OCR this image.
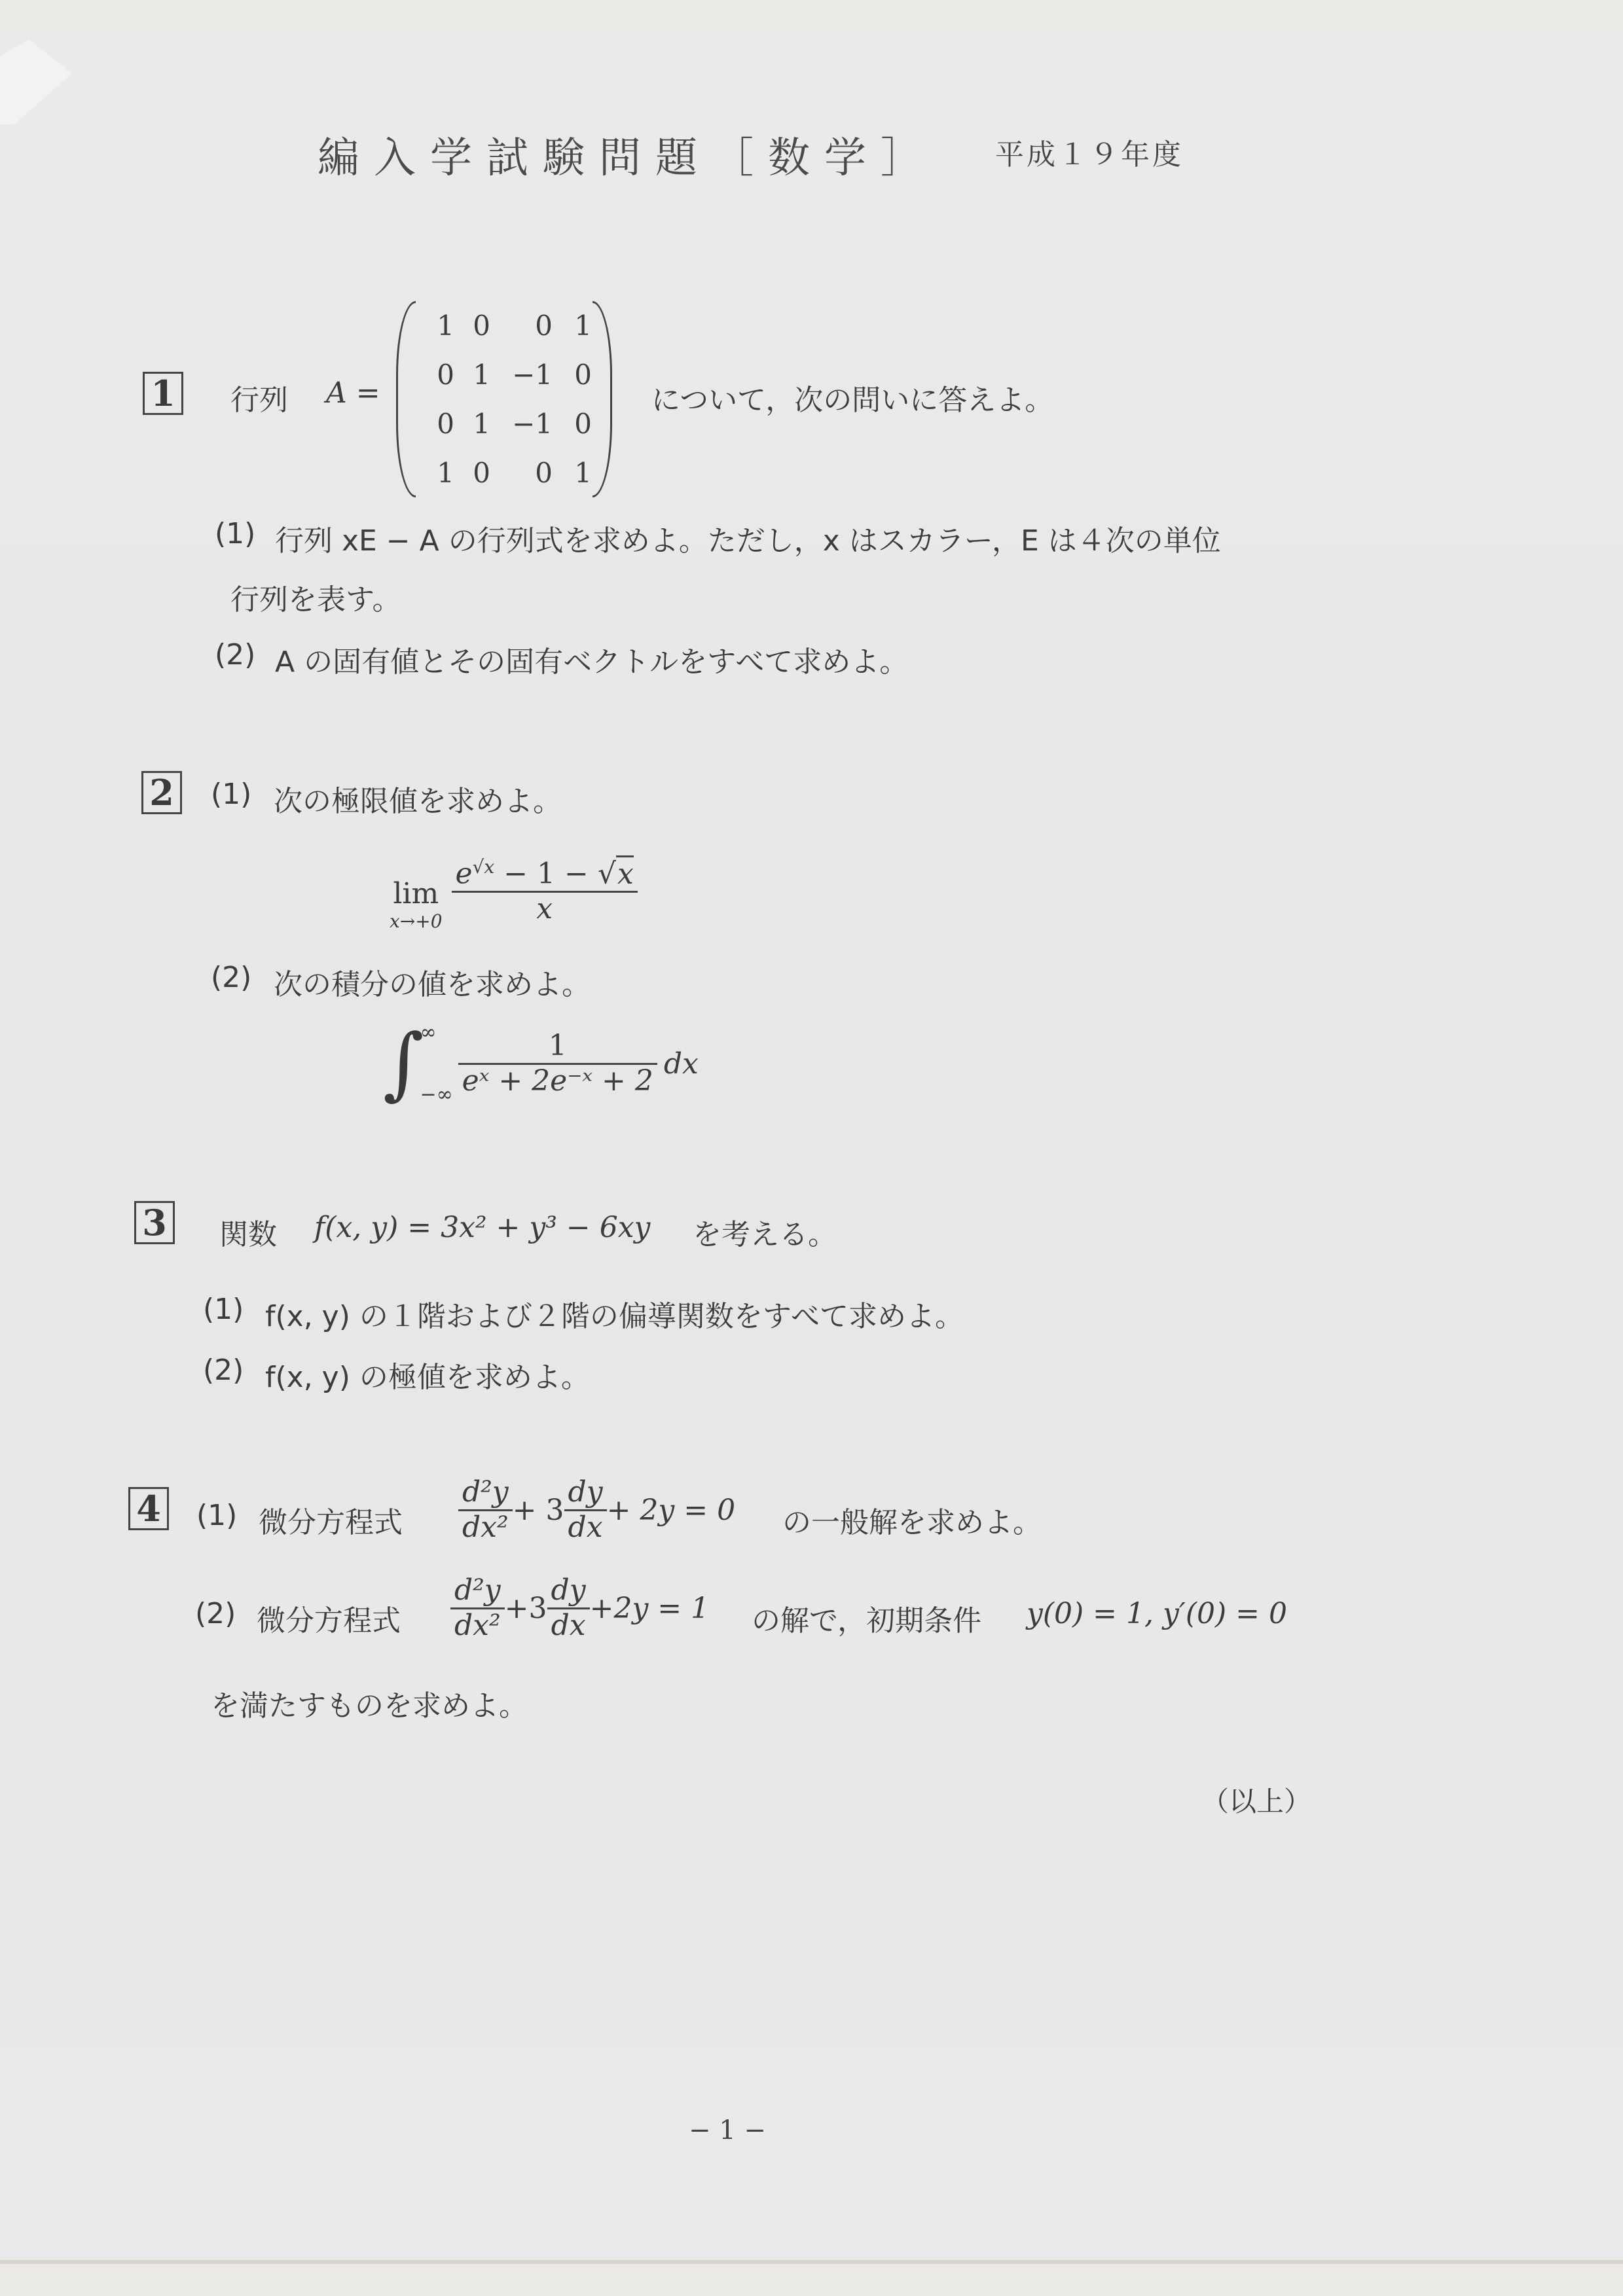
編入学試験問題［数学］ 平成１９年度
1 行列 A =
1 0	0 1
0 1 −1 0
0 1 −1 0
1 0	0 1
について，次の問いに答えよ。
(1) 行列 xE − A の行列式を求めよ。ただし，x はスカラー，E は４次の単位
行列を表す。
(2) A の固有値とその固有ベクトルをすべて求めよ。
2 (1) 次の極限値を求めよ。
lim
$x\to+0 \frac{e^{√x} - 1 - √x}{x}$
(2) 次の積分の値を求めよ。
∫
∞
−∞ $\frac{1}{\text{eˣ + 2e⁻ˣ + 2}}$ dx
3 関数 f(x, y) = 3x² + y³ − 6xy を考える。
(1) f(x, y) の１階および２階の偏導関数をすべて求めよ。
(2) f(x, y) の極値を求めよ。
4 (1) 微分方程式 $\frac{\text{d²y}}{\text{dx²}} + 3 \frac{dy}{dx} + 2y = 0$ の一般解を求めよ。
(2) 微分方程式 $\frac{\text{d²y}}{\text{dx²}} +3 \frac{dy}{dx} +2y = 1$ の解で，初期条件 y(0) = 1, y′(0) = 0
を満たすものを求めよ。
（以上）
− 1 −
